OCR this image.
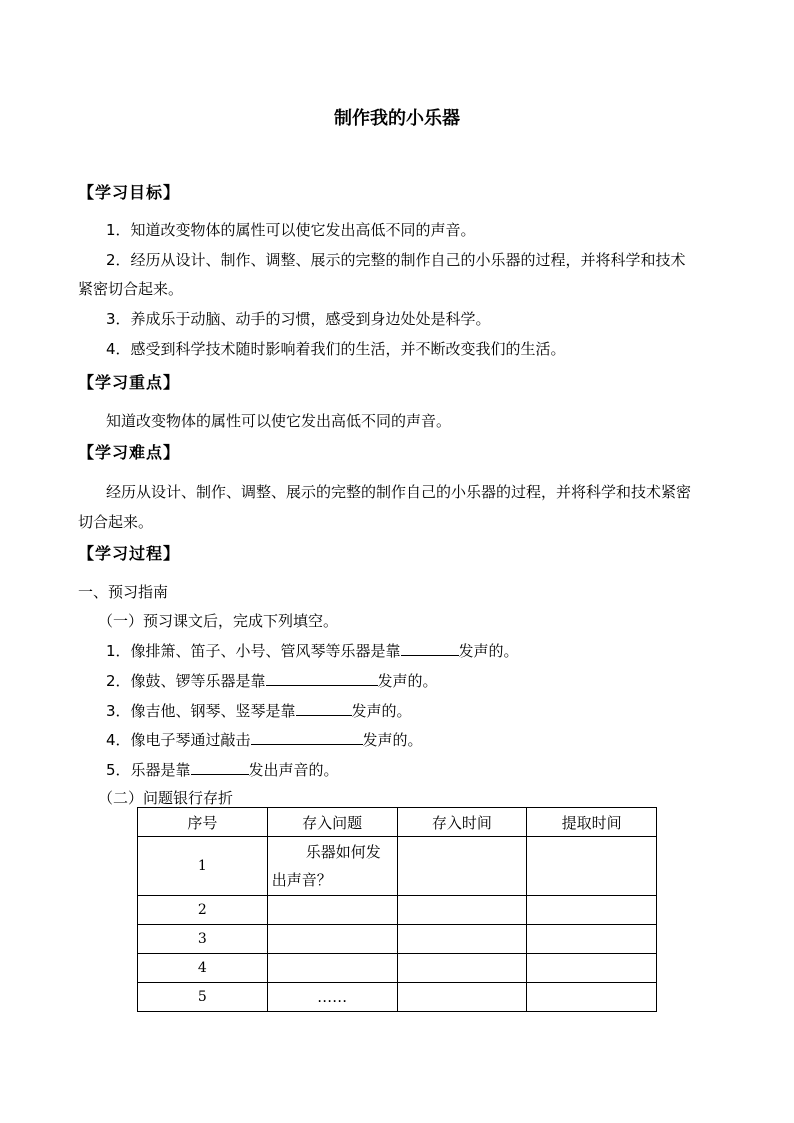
制作我的小乐器
【学习目标】
1．知道改变物体的属性可以使它发出高低不同的声音。
2．经历从设计、制作、调整、展示的完整的制作自己的小乐器的过程，并将科学和技术
紧密切合起来。
3．养成乐于动脑、动手的习惯，感受到身边处处是科学。
4．感受到科学技术随时影响着我们的生活，并不断改变我们的生活。
【学习重点】
知道改变物体的属性可以使它发出高低不同的声音。
【学习难点】
经历从设计、制作、调整、展示的完整的制作自己的小乐器的过程，并将科学和技术紧密
切合起来。
【学习过程】
一、预习指南
（一）预习课文后，完成下列填空。
1．像排箫、笛子、小号、管风琴等乐器是靠	发声的。
2．像鼓、锣等乐器是靠	发声的。
3．像吉他、钢琴、竖琴是靠	发声的。
4．像电子琴通过敲击	发声的。
5．乐器是靠	发出声音的。
（二）问题银行存折
序号	存入问题	存入时间	提取时间
1	乐器如何发
出声音？		

2			
3			
4			
5	……		
